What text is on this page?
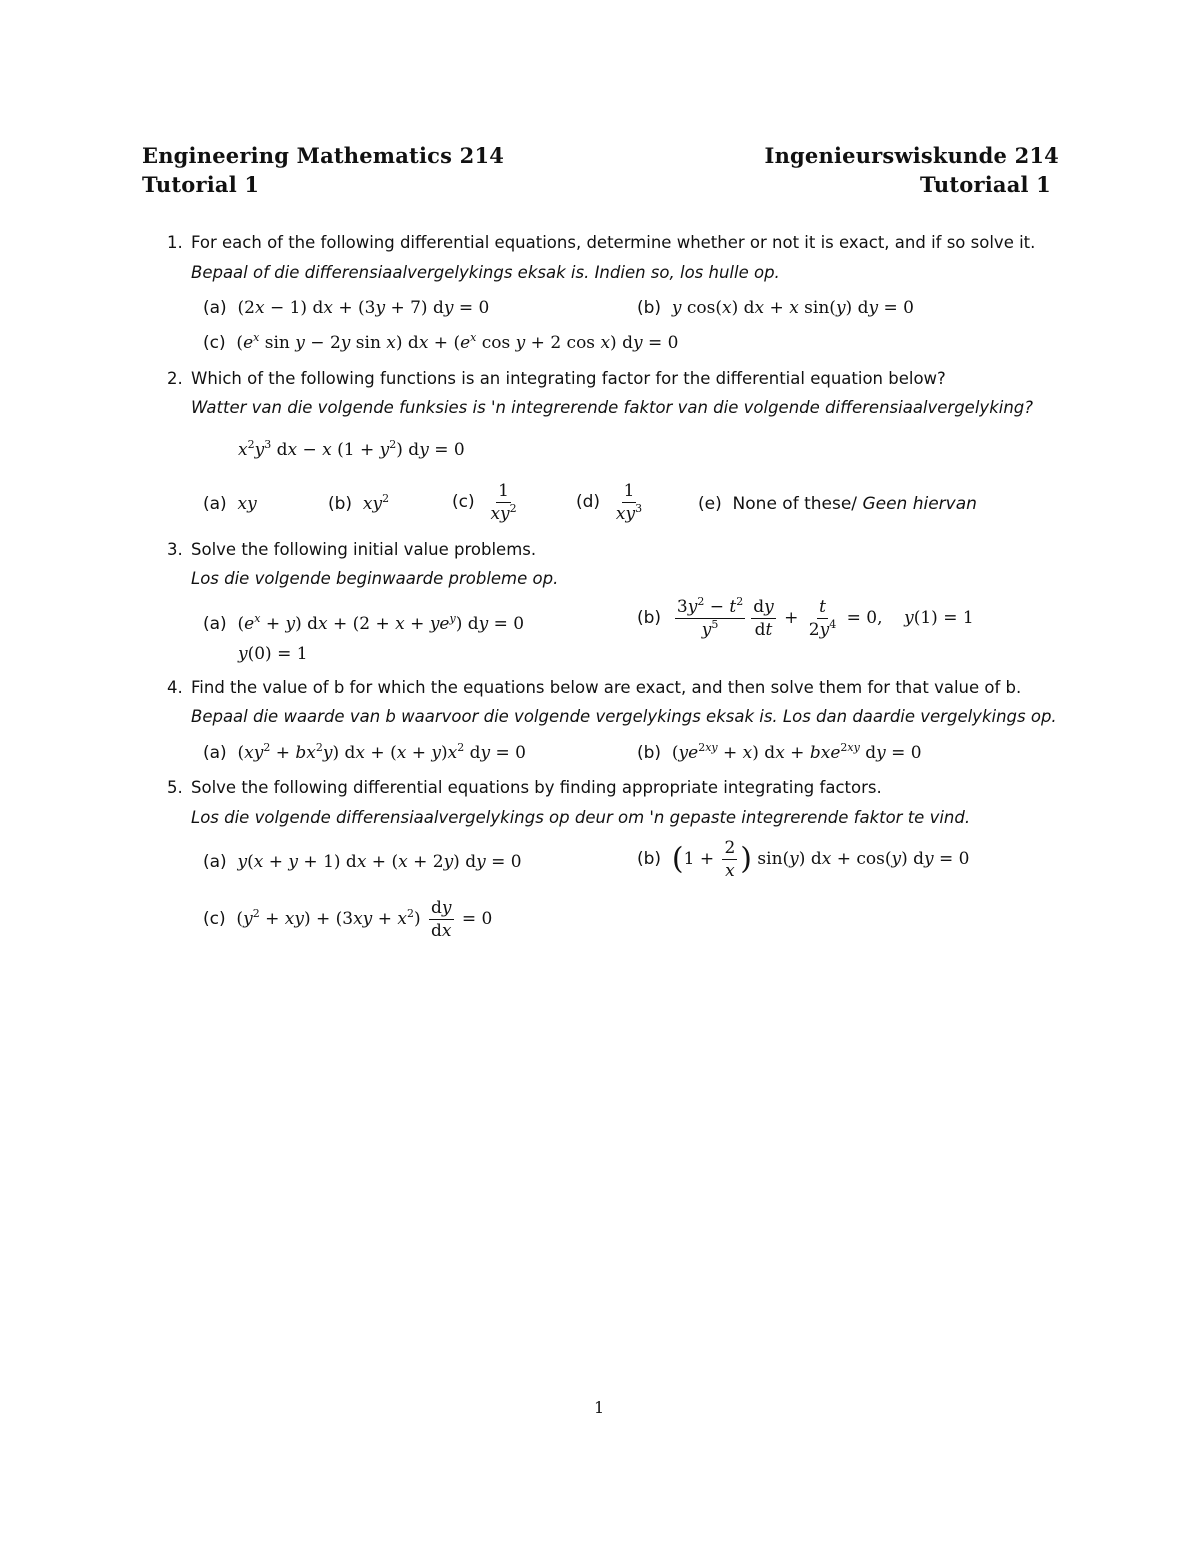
Engineering Mathematics 214	Ingenieurswiskunde 214
Tutorial 1	Tutoriaal 1
1. For each of the following differential equations, determine whether or not it is exact, and if so solve it.
Bepaal of die differensiaalvergelykings eksak is. Indien so, los hulle op.
(a)  (2x − 1) dx + (3y + 7) dy = 0	(b) y cos(x) dx + x sin(y) dy = 0
(c)  ($e^x$ sin y − 2y sin x) dx + ($e^x$ cos y + 2 cos x) dy = 0
2. Which of the following functions is an integrating factor for the differential equation below?
Watter van die volgende funksies is 'n integrerende faktor van die volgende differensiaalvergelyking?
$x^2y^3$ dx − x $(1 + y^2)$ dy = 0
(a) xy	(b) $xy^2$	$(c) \frac{1}{xy^2}$	$(d) \frac{1}{xy^3}$	(e) None of these/ Geen hiervan
3. Solve the following initial value problems.
Los die volgende beginwaarde probleme op.
(a)  $(e^x + y)$ dx + $(2 + x + ye^y)$ dy = 0
y(0) = 1
$(b) \frac{3y^2 - t^2}{y^5} \frac{dy}{dt} + \frac{t}{2y^4} = 0$,    y(1) = 1
4. Find the value of b for which the equations below are exact, and then solve them for that value of b.
Bepaal die waarde van b waarvoor die volgende vergelykings eksak is. Los dan daardie vergelykings op.
(a)  $(xy^2 + bx^2y)$ dx + $(x + y)x^2$ dy = 0	(b)  $(ye^{2xy} + x)$ dx + bxe$^{2xy}$ dy = 0
5. Solve the following differential equations by finding appropriate integrating factors.
Los die volgende differensiaalvergelykings op deur om 'n gepaste integrerende faktor te vind.
(a) y(x + y + 1) dx + (x + 2y) dy = 0	(b) ($1 + \frac{2}{x}$ ) sin(y) dx + cos(y) dy = 0
(c)  $(y^2 + xy) + (3xy + x^2) \frac{dy}{dx} = 0$
1
